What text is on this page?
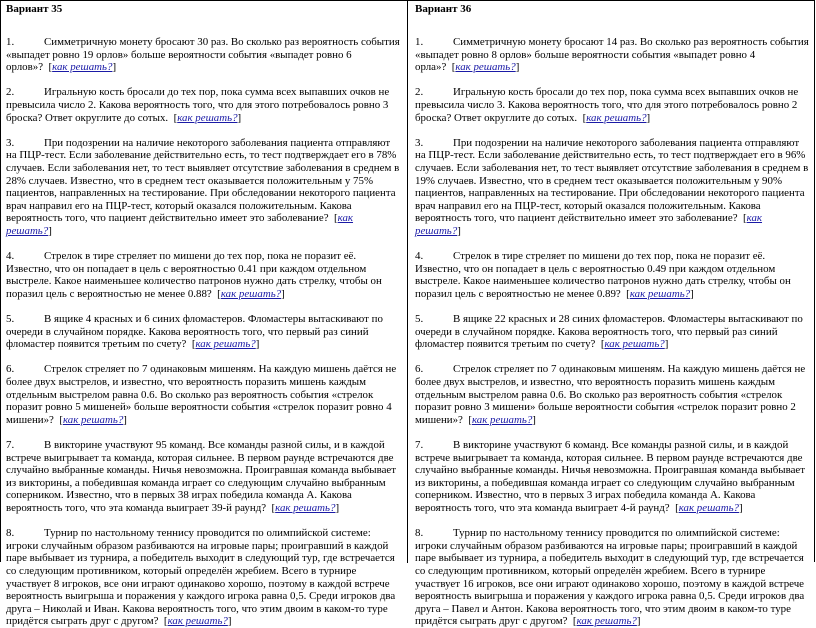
Вариант 35
1.	Симметричную монету бросают 30 раз. Во сколько раз вероятность события «выпадет ровно 19 орлов» больше вероятности события «выпадет ровно 6 орлов»?  [как решать?]
2.	Игральную кость бросали до тех пор, пока сумма всех выпавших очков не превысила число 2. Какова вероятность того, что для этого потребовалось ровно 3 броска? Ответ округлите до сотых.  [как решать?]
3.	При подозрении на наличие некоторого заболевания пациента отправляют на ПЦР-тест. Если заболевание действительно есть, то тест подтверждает его в 78% случаев. Если заболевания нет, то тест выявляет отсутствие заболевания в среднем в 28% случаев. Известно, что в среднем тест оказывается положительным у 75% пациентов, направленных на тестирование. При обследовании некоторого пациента врач направил его на ПЦР-тест, который оказался положительным. Какова вероятность того, что пациент действительно имеет это заболевание?  [как решать?]
4.	Стрелок в тире стреляет по мишени до тех пор, пока не поразит её. Известно, что он попадает в цель с вероятностью 0.41 при каждом отдельном выстреле. Какое наименьшее количество патронов нужно дать стрелку, чтобы он поразил цель с вероятностью не менее 0.88?  [как решать?]
5.	В ящике 4 красных и 6 синих фломастеров. Фломастеры вытаскивают по очереди в случайном порядке. Какова вероятность того, что первый раз синий фломастер появится третьим по счету?  [как решать?]
6.	Стрелок стреляет по 7 одинаковым мишеням. На каждую мишень даётся не более двух выстрелов, и известно, что вероятность поразить мишень каждым отдельным выстрелом равна 0.6. Во сколько раз вероятность события «стрелок поразит ровно 5 мишеней» больше вероятности события «стрелок поразит ровно 4 мишени»?  [как решать?]
7.	В викторине участвуют 95 команд. Все команды разной силы, и в каждой встрече выигрывает та команда, которая сильнее. В первом раунде встречаются две случайно выбранные команды. Ничья невозможна. Проигравшая команда выбывает из викторины, а победившая команда играет со следующим случайно выбранным соперником. Известно, что в первых 38 играх победила команда А. Какова вероятность того, что эта команда выиграет 39-й раунд?  [как решать?]
8.	Турнир по настольному теннису проводится по олимпийской системе: игроки случайным образом разбиваются на игровые пары; проигравший в каждой паре выбывает из турнира, а победитель выходит в следующий тур, где встречается со следующим противником, который определён жребием. Всего в турнире участвует 8 игроков, все они играют одинаково хорошо, поэтому в каждой встрече вероятность выигрыша и поражения у каждого игрока равна 0,5. Среди игроков два друга – Николай и Иван. Какова вероятность того, что этим двоим в каком-то туре придётся сыграть друг с другом?  [как решать?]
Вариант 36
1.	Симметричную монету бросают 14 раз. Во сколько раз вероятность события «выпадет ровно 8 орлов» больше вероятности события «выпадет ровно 4 орла»?  [как решать?]
2.	Игральную кость бросали до тех пор, пока сумма всех выпавших очков не превысила число 3. Какова вероятность того, что для этого потребовалось ровно 2 броска? Ответ округлите до сотых.  [как решать?]
3.	При подозрении на наличие некоторого заболевания пациента отправляют на ПЦР-тест. Если заболевание действительно есть, то тест подтверждает его в 96% случаев. Если заболевания нет, то тест выявляет отсутствие заболевания в среднем в 19% случаев. Известно, что в среднем тест оказывается положительным у 90% пациентов, направленных на тестирование. При обследовании некоторого пациента врач направил его на ПЦР-тест, который оказался положительным. Какова вероятность того, что пациент действительно имеет это заболевание?  [как решать?]
4.	Стрелок в тире стреляет по мишени до тех пор, пока не поразит её. Известно, что он попадает в цель с вероятностью 0.49 при каждом отдельном выстреле. Какое наименьшее количество патронов нужно дать стрелку, чтобы он поразил цель с вероятностью не менее 0.89?  [как решать?]
5.	В ящике 22 красных и 28 синих фломастеров. Фломастеры вытаскивают по очереди в случайном порядке. Какова вероятность того, что первый раз синий фломастер появится третьим по счету?  [как решать?]
6.	Стрелок стреляет по 7 одинаковым мишеням. На каждую мишень даётся не более двух выстрелов, и известно, что вероятность поразить мишень каждым отдельным выстрелом равна 0.6. Во сколько раз вероятность события «стрелок поразит ровно 3 мишени» больше вероятности события «стрелок поразит ровно 2 мишени»?  [как решать?]
7.	В викторине участвуют 6 команд. Все команды разной силы, и в каждой встрече выигрывает та команда, которая сильнее. В первом раунде встречаются две случайно выбранные команды. Ничья невозможна. Проигравшая команда выбывает из викторины, а победившая команда играет со следующим случайно выбранным соперником. Известно, что в первых 3 играх победила команда А. Какова вероятность того, что эта команда выиграет 4-й раунд?  [как решать?]
8.	Турнир по настольному теннису проводится по олимпийской системе: игроки случайным образом разбиваются на игровые пары; проигравший в каждой паре выбывает из турнира, а победитель выходит в следующий тур, где встречается со следующим противником, который определён жребием. Всего в турнире участвует 16 игроков, все они играют одинаково хорошо, поэтому в каждой встрече вероятность выигрыша и поражения у каждого игрока равна 0,5. Среди игроков два друга – Павел и Антон. Какова вероятность того, что этим двоим в каком-то туре придётся сыграть друг с другом?  [как решать?]
